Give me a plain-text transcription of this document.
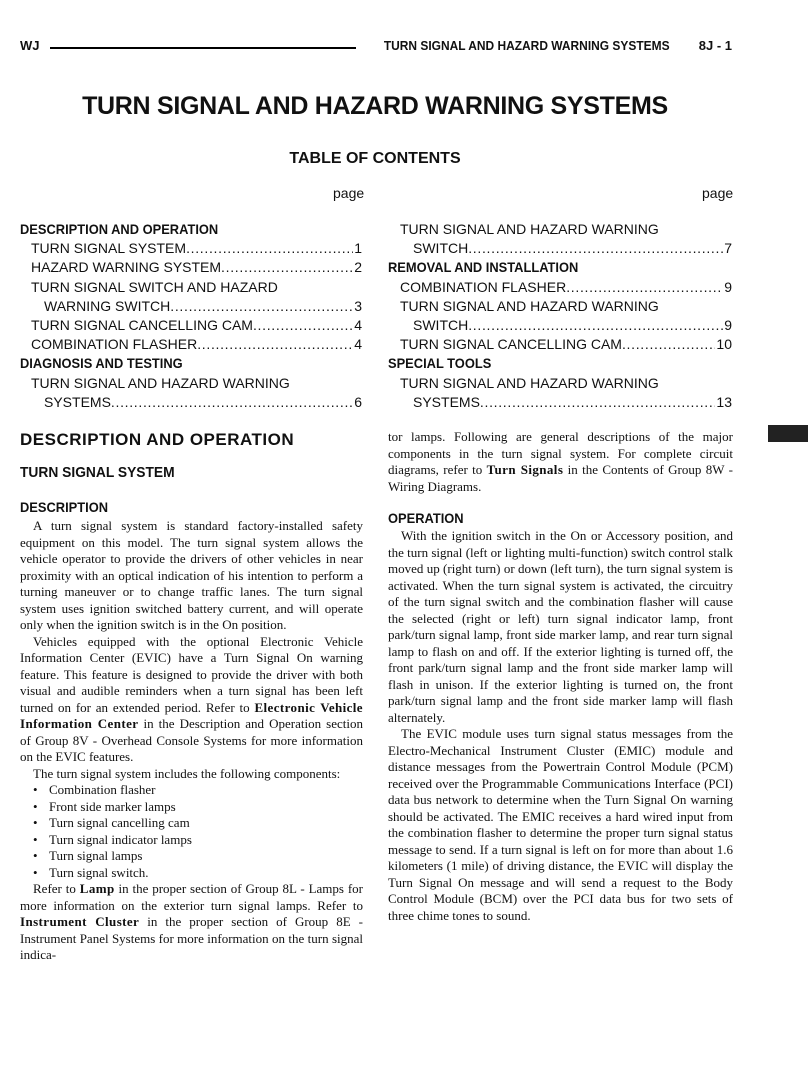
WJ	TURN SIGNAL AND HAZARD WARNING SYSTEMS 8J - 1
TURN SIGNAL AND HAZARD WARNING SYSTEMS
TABLE OF CONTENTS
page	page
DESCRIPTION AND OPERATION
TURN SIGNAL SYSTEM . . .	1
HAZARD WARNING SYSTEM . . .	2
TURN SIGNAL SWITCH AND HAZARD
WARNING SWITCH . . .	3
TURN SIGNAL CANCELLING CAM . . .	4
COMBINATION FLASHER . . .	4
DIAGNOSIS AND TESTING
TURN SIGNAL AND HAZARD WARNING
SYSTEMS . . .	6
TURN SIGNAL AND HAZARD WARNING
SWITCH . . .	7
REMOVAL AND INSTALLATION
COMBINATION FLASHER . . .	9
TURN SIGNAL AND HAZARD WARNING
SWITCH . . .	9
TURN SIGNAL CANCELLING CAM . . .	10
SPECIAL TOOLS
TURN SIGNAL AND HAZARD WARNING
SYSTEMS . . .	13
DESCRIPTION AND OPERATION
TURN SIGNAL SYSTEM
DESCRIPTION

A turn signal system is standard factory-installed safety equipment on this model. The turn signal system allows the vehicle operator to provide the drivers of other vehicles in near proximity with an optical indication of his intention to perform a turning maneuver or to change traffic lanes. The turn signal system uses ignition switched battery current, and will operate only when the ignition switch is in the On position.

Vehicles equipped with the optional Electronic Vehicle Information Center (EVIC) have a Turn Signal On warning feature. This feature is designed to provide the driver with both visual and audible reminders when a turn signal has been left turned on for an extended period. Refer to Electronic Vehicle Information Center in the Description and Operation section of Group 8V - Overhead Console Systems for more information on the EVIC features.

The turn signal system includes the following components:

• Combination flasher
• Front side marker lamps
• Turn signal cancelling cam
• Turn signal indicator lamps
• Turn signal lamps
• Turn signal switch.

Refer to Lamp in the proper section of Group 8L - Lamps for more information on the exterior turn signal lamps. Refer to Instrument Cluster in the proper section of Group 8E - Instrument Panel Systems for more information on the turn signal indica-

tor lamps. Following are general descriptions of the major components in the turn signal system. For complete circuit diagrams, refer to Turn Signals in the Contents of Group 8W - Wiring Diagrams.

OPERATION

With the ignition switch in the On or Accessory position, and the turn signal (left or lighting multi-function) switch control stalk moved up (right turn) or down (left turn), the turn signal system is activated. When the turn signal system is activated, the circuitry of the turn signal switch and the combination flasher will cause the selected (right or left) turn signal indicator lamp, front park/turn signal lamp, front side marker lamp, and rear turn signal lamp to flash on and off. If the exterior lighting is turned off, the front park/turn signal lamp and the front side marker lamp will flash in unison. If the exterior lighting is turned on, the front park/turn signal lamp and the front side marker lamp will flash alternately.

The EVIC module uses turn signal status messages from the Electro-Mechanical Instrument Cluster (EMIC) module and distance messages from the Powertrain Control Module (PCM) received over the Programmable Communications Interface (PCI) data bus network to determine when the Turn Signal On warning should be activated. The EMIC receives a hard wired input from the combination flasher to determine the proper turn signal status message to send. If a turn signal is left on for more than about 1.6 kilometers (1 mile) of driving distance, the EVIC will display the Turn Signal On message and will send a request to the Body Control Module (BCM) over the PCI data bus for two sets of three chime tones to sound.
